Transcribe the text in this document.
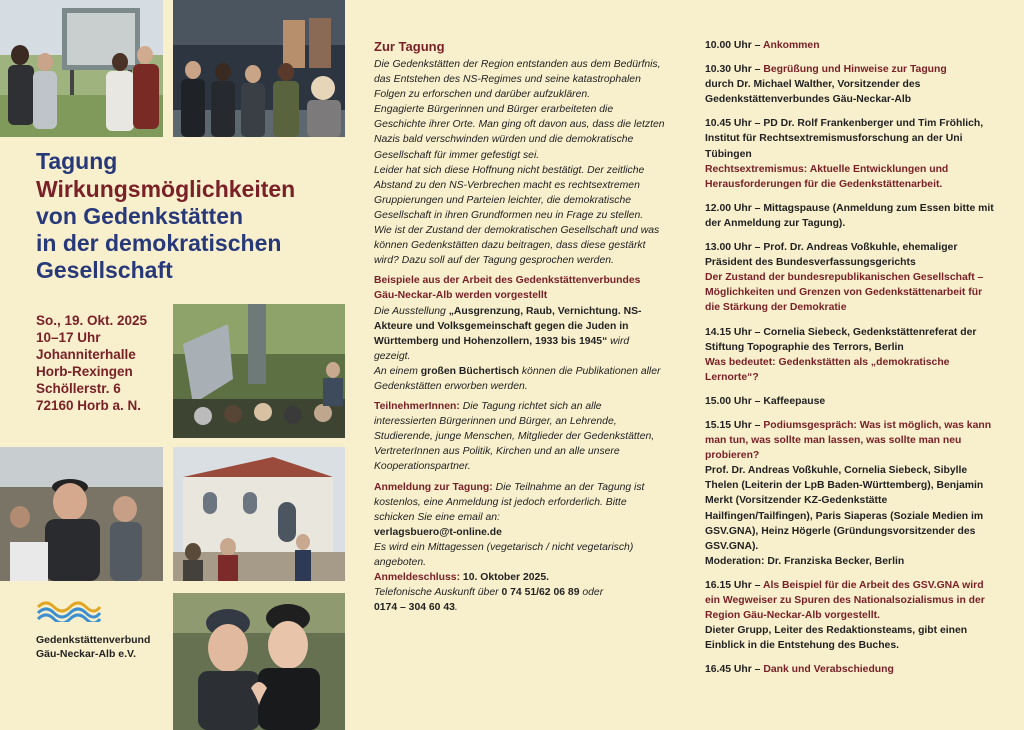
Tagung
Wirkungsmöglichkeiten
von Gedenkstätten
in der demokratischen
Gesellschaft
So., 19. Okt. 2025
10–17 Uhr
Johanniterhalle
Horb-Rexingen
Schöllerstr. 6
72160 Horb a. N.
Gedenkstättenverbund
Gäu-Neckar-Alb e.V.
Zur Tagung

Die Gedenkstätten der Region entstanden aus dem Bedürfnis, das Entstehen des NS-Regimes und seine katastrophalen Folgen zu erforschen und darüber aufzuklären.

Engagierte Bürgerinnen und Bürger erarbeiteten die Geschichte ihrer Orte. Man ging oft davon aus, dass die letzten Nazis bald verschwinden würden und die demokratische Gesellschaft für immer gefestigt sei.

Leider hat sich diese Hoffnung nicht bestätigt. Der zeitliche Abstand zu den NS-Verbrechen macht es rechtsextremen Gruppierungen und Parteien leichter, die demokratische Gesellschaft in ihren Grundformen neu in Frage zu stellen.

Wie ist der Zustand der demokratischen Gesellschaft und was können Gedenkstätten dazu beitragen, dass diese gestärkt wird? Dazu soll auf der Tagung gesprochen werden.

Beispiele aus der Arbeit des Gedenkstättenverbundes Gäu-Neckar-Alb werden vorgestellt

Die Ausstellung „Ausgrenzung, Raub, Vernichtung. NS-Akteure und Volksgemeinschaft gegen die Juden in Württemberg und Hohenzollern, 1933 bis 1945“ wird gezeigt.

An einem großen Büchertisch können die Publikationen aller Gedenkstätten erworben werden.

TeilnehmerInnen: Die Tagung richtet sich an alle interessierten Bürgerinnen und Bürger, an Lehrende, Studierende, junge Menschen, Mitglieder der Gedenkstätten, VertreterInnen aus Politik, Kirchen und an alle unsere Kooperationspartner.

Anmeldung zur Tagung: Die Teilnahme an der Tagung ist kostenlos, eine Anmeldung ist jedoch erforderlich. Bitte schicken Sie eine email an:

verlagsbuero@t-online.de

Es wird ein Mittagessen (vegetarisch / nicht vegetarisch) angeboten.

Anmeldeschluss: 10. Oktober 2025.

Telefonische Auskunft über 0 74 51/62 06 89 oder
0174 – 304 60 43.

10.00 Uhr – Ankommen
10.30 Uhr – Begrüßung und Hinweise zur Tagung
durch Dr. Michael Walther, Vorsitzender des Gedenkstättenverbundes Gäu-Neckar-Alb
10.45 Uhr – PD Dr. Rolf Frankenberger und Tim Fröhlich, Institut für Rechtsextremismusforschung an der Uni Tübingen
Rechtsextremismus: Aktuelle Entwicklungen und Herausforderungen für die Gedenkstättenarbeit.
12.00 Uhr – Mittagspause (Anmeldung zum Essen bitte mit der Anmeldung zur Tagung).
13.00 Uhr – Prof. Dr. Andreas Voßkuhle, ehemaliger Präsident des Bundesverfassungsgerichts
Der Zustand der bundesrepublikanischen Gesellschaft – Möglichkeiten und Grenzen von Gedenkstättenarbeit für die Stärkung der Demokratie
14.15 Uhr – Cornelia Siebeck, Gedenkstättenreferat der Stiftung Topographie des Terrors, Berlin
Was bedeutet: Gedenkstätten als „demokratische Lernorte“?
15.00 Uhr – Kaffeepause
15.15 Uhr – Podiumsgespräch: Was ist möglich, was kann man tun, was sollte man lassen, was sollte man neu probieren?
Prof. Dr. Andreas Voßkuhle, Cornelia Siebeck, Sibylle Thelen (Leiterin der LpB Baden-Württemberg), Benjamin Merkt (Vorsitzender KZ-Gedenkstätte Hailfingen/Tailfingen), Paris Siaperas (Soziale Medien im GSV.GNA), Heinz Högerle (Gründungsvorsitzender des GSV.GNA).
Moderation: Dr. Franziska Becker, Berlin
16.15 Uhr – Als Beispiel für die Arbeit des GSV.GNA wird ein Wegweiser zu Spuren des Nationalsozialismus in der Region Gäu-Neckar-Alb vorgestellt.
Dieter Grupp, Leiter des Redaktionsteams, gibt einen Einblick in die Entstehung des Buches.
16.45 Uhr – Dank und Verabschiedung
